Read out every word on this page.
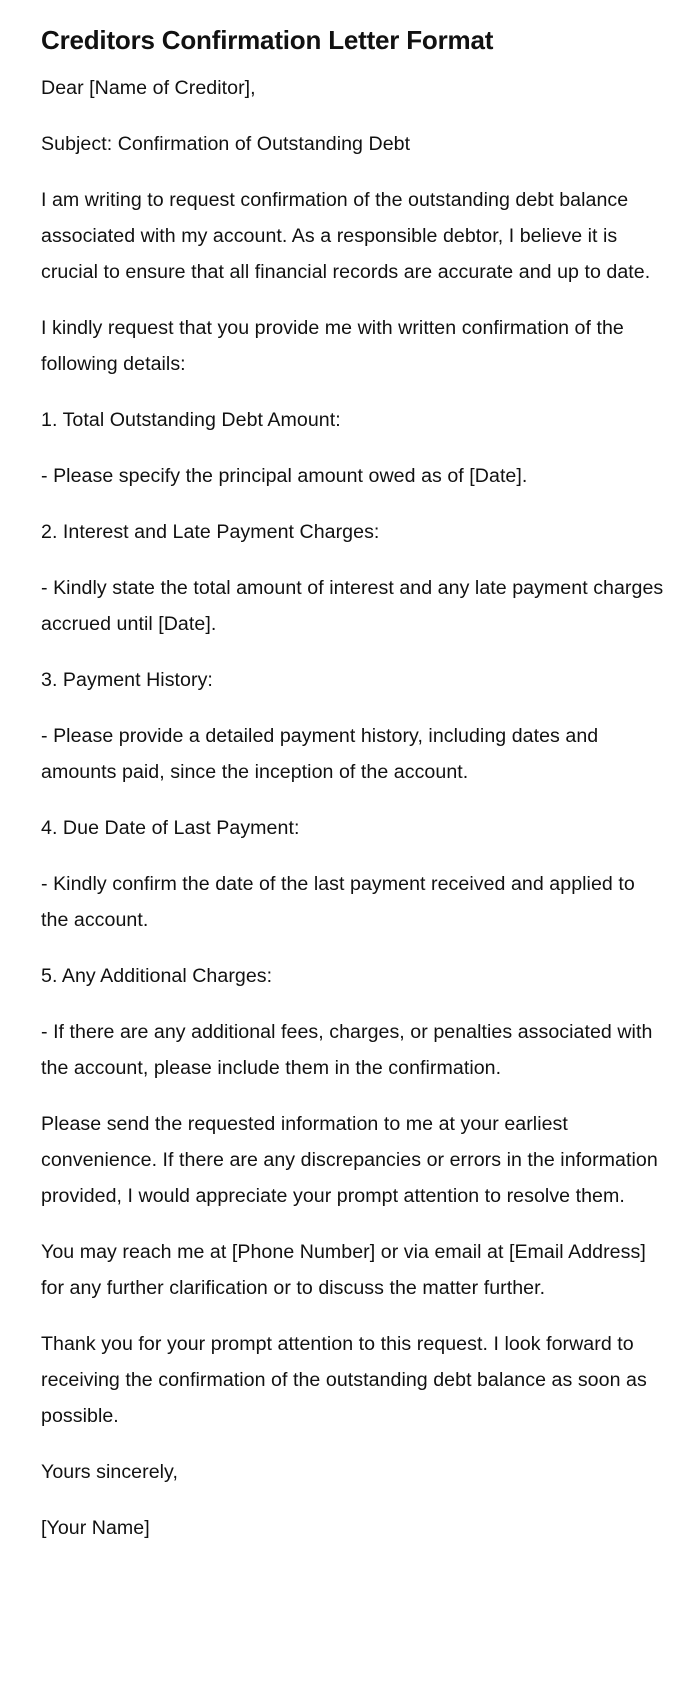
Creditors Confirmation Letter Format

Dear [Name of Creditor],

Subject: Confirmation of Outstanding Debt

I am writing to request confirmation of the outstanding debt balance associated with my account. As a responsible debtor, I believe it is crucial to ensure that all financial records are accurate and up to date.

I kindly request that you provide me with written confirmation of the following details:

1. Total Outstanding Debt Amount:

- Please specify the principal amount owed as of [Date].

2. Interest and Late Payment Charges:

- Kindly state the total amount of interest and any late payment charges accrued until [Date].

3. Payment History:

- Please provide a detailed payment history, including dates and amounts paid, since the inception of the account.

4. Due Date of Last Payment:

- Kindly confirm the date of the last payment received and applied to the account.

5. Any Additional Charges:

- If there are any additional fees, charges, or penalties associated with the account, please include them in the confirmation.

Please send the requested information to me at your earliest convenience. If there are any discrepancies or errors in the information provided, I would appreciate your prompt attention to resolve them.

You may reach me at [Phone Number] or via email at [Email Address] for any further clarification or to discuss the matter further.

Thank you for your prompt attention to this request. I look forward to receiving the confirmation of the outstanding debt balance as soon as possible.

Yours sincerely,

[Your Name]
